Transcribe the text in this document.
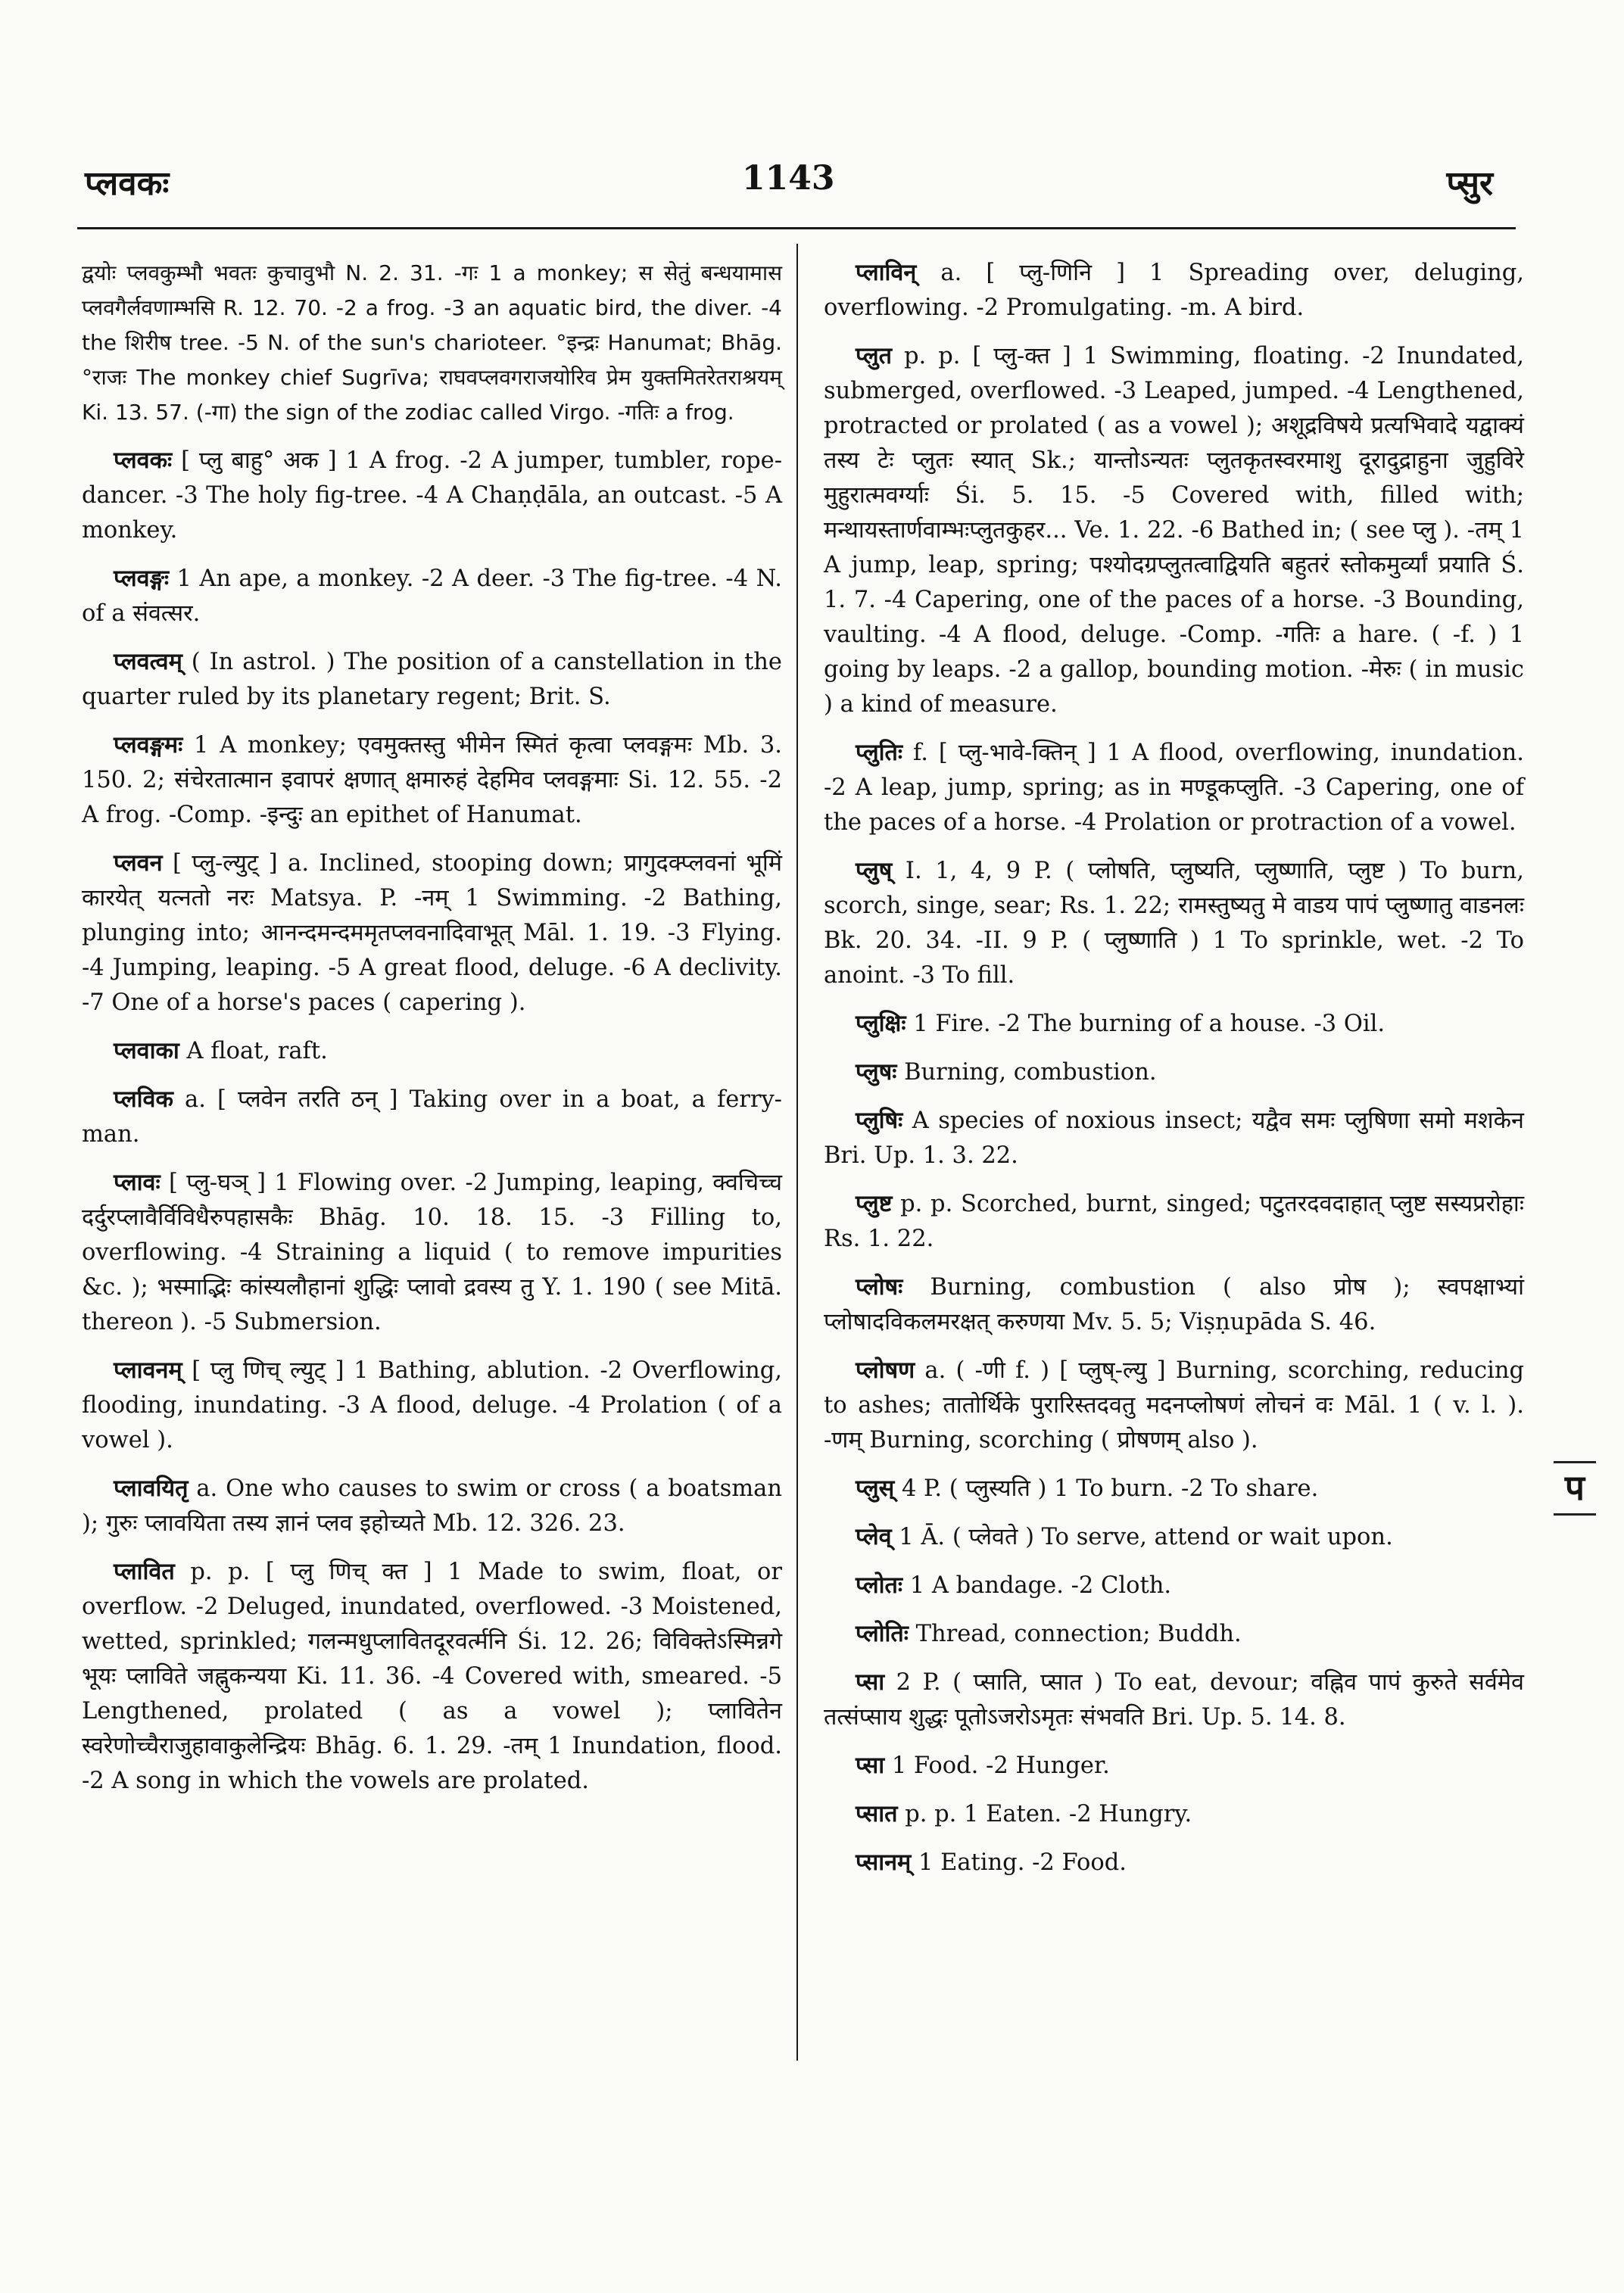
प्लवकः	1143	प्सुर

द्वयोः प्लवकुम्भौ भवतः कुचावुभौ N. 2. 31. -गः 1 a monkey; स सेतुं बन्धयामास प्लवगैर्लवणाम्भसि R. 12. 70. -2 a frog. -3 an aquatic bird, the diver. -4 the शिरीष tree. -5 N. of the sun's charioteer. °इन्द्रः Hanumat; Bhāg. °राजः The monkey chief Sugrīva; राघवप्लवगराजयोरिव प्रेम युक्तमितरेतराश्रयम् Ki. 13. 57. (-गा) the sign of the zodiac called Virgo. -गतिः a frog.

प्लवकः [ प्लु बाहु° अक ] 1 A frog. -2 A jumper, tumbler, rope-dancer. -3 The holy fig-tree. -4 A Chaṇḍāla, an outcast. -5 A monkey.

प्लवङ्गः 1 An ape, a monkey. -2 A deer. -3 The fig-tree. -4 N. of a संवत्सर.

प्लवत्वम् ( In astrol. ) The position of a canstellation in the quarter ruled by its planetary regent; Brit. S.

प्लवङ्गमः 1 A monkey; एवमुक्तस्तु भीमेन स्मितं कृत्वा प्लवङ्गमः Mb. 3. 150. 2; संचेरतात्मान इवापरं क्षणात् क्षमारुहं देहमिव प्लवङ्गमाः Si. 12. 55. -2 A frog. -Comp. -इन्दुः an epithet of Hanumat.

प्लवन [ प्लु-ल्युट् ] a. Inclined, stooping down; प्रागुदक्प्लवनां भूमिं कारयेत् यत्नतो नरः Matsya. P. -नम् 1 Swimming. -2 Bathing, plunging into; आनन्दमन्दममृतप्लवनादिवाभूत् Māl. 1. 19. -3 Flying. -4 Jumping, leaping. -5 A great flood, deluge. -6 A declivity. -7 One of a horse's paces ( capering ).

प्लवाका A float, raft.

प्लविक a. [ प्लवेन तरति ठन् ] Taking over in a boat, a ferry-man.

प्लावः [ प्लु-घञ् ] 1 Flowing over. -2 Jumping, leaping, क्वचिच्च दर्दुरप्लावैर्विविधैरुपहासकैः Bhāg. 10. 18. 15. -3 Filling to, overflowing. -4 Straining a liquid ( to remove impurities &c. ); भस्माद्भिः कांस्यलौहानां शुद्धिः प्लावो द्रवस्य तु Y. 1. 190 ( see Mitā. thereon ). -5 Submersion.

प्लावनम् [ प्लु णिच् ल्युट् ] 1 Bathing, ablution. -2 Overflowing, flooding, inundating. -3 A flood, deluge. -4 Prolation ( of a vowel ).

प्लावयितृ a. One who causes to swim or cross ( a boatsman ); गुरुः प्लावयिता तस्य ज्ञानं प्लव इहोच्यते Mb. 12. 326. 23.

प्लावित p. p. [ प्लु णिच् क्त ] 1 Made to swim, float, or overflow. -2 Deluged, inundated, overflowed. -3 Moistened, wetted, sprinkled; गलन्मधुप्लावितदूरवर्त्मनि Śi. 12. 26; विविक्तेऽस्मिन्नगे भूयः प्लाविते जह्नुकन्यया Ki. 11. 36. -4 Covered with, smeared. -5 Lengthened, prolated ( as a vowel ); प्लावितेन स्वरेणोच्चैराजुहावाकुलेन्द्रियः Bhāg. 6. 1. 29. -तम् 1 Inundation, flood. -2 A song in which the vowels are prolated.

प्लाविन् a. [ प्लु-णिनि ] 1 Spreading over, deluging, overflowing. -2 Promulgating. -m. A bird.

प्लुत p. p. [ प्लु-क्त ] 1 Swimming, floating. -2 Inundated, submerged, overflowed. -3 Leaped, jumped. -4 Lengthened, protracted or prolated ( as a vowel ); अशूद्रविषये प्रत्यभिवादे यद्वाक्यं तस्य टेः प्लुतः स्यात् Sk.; यान्तोऽन्यतः प्लुतकृतस्वरमाशु दूरादुद्राहुना जुहुविरे मुहुरात्मवर्ग्याः Śi. 5. 15. -5 Covered with, filled with; मन्थायस्तार्णवाम्भःप्लुतकुहर... Ve. 1. 22. -6 Bathed in; ( see प्लु ). -तम् 1 A jump, leap, spring; पश्योदग्रप्लुतत्वाद्वियति बहुतरं स्तोकमुर्व्यां प्रयाति Ś. 1. 7. -4 Capering, one of the paces of a horse. -3 Bounding, vaulting. -4 A flood, deluge. -Comp. -गतिः a hare. ( -f. ) 1 going by leaps. -2 a gallop, bounding motion. -मेरुः ( in music ) a kind of measure.

प्लुतिः f. [ प्लु-भावे-क्तिन् ] 1 A flood, overflowing, inundation. -2 A leap, jump, spring; as in मण्डूकप्लुति. -3 Capering, one of the paces of a horse. -4 Prolation or protraction of a vowel.

प्लुष् I. 1, 4, 9 P. ( प्लोषति, प्लुष्यति, प्लुष्णाति, प्लुष्ट ) To burn, scorch, singe, sear; Rs. 1. 22; रामस्तुष्यतु मे वाडय पापं प्लुष्णातु वाडनलः Bk. 20. 34. -II. 9 P. ( प्लुष्णाति ) 1 To sprinkle, wet. -2 To anoint. -3 To fill.

प्लुक्षिः 1 Fire. -2 The burning of a house. -3 Oil.

प्लुषः Burning, combustion.

प्लुषिः A species of noxious insect; यद्वैव समः प्लुषिणा समो मशकेन Bri. Up. 1. 3. 22.

प्लुष्ट p. p. Scorched, burnt, singed; पटुतरदवदाहात् प्लुष्ट सस्यप्ररोहाः Rs. 1. 22.

प्लोषः Burning, combustion ( also प्रोष ); स्वपक्षाभ्यां प्लोषादविकलमरक्षत् करुणया Mv. 5. 5; Viṣṇupāda S. 46.

प्लोषण a. ( -णी f. ) [ प्लुष्-ल्यु ] Burning, scorching, reducing to ashes; तातोर्थिके पुरारिस्तदवतु मदनप्लोषणं लोचनं वः Māl. 1 ( v. l. ). -णम् Burning, scorching ( प्रोषणम् also ).

प्लुस् 4 P. ( प्लुस्यति ) 1 To burn. -2 To share.

प्लेव् 1 Ā. ( प्लेवते ) To serve, attend or wait upon.

प्लोतः 1 A bandage. -2 Cloth.

प्लोतिः Thread, connection; Buddh.

प्सा 2 P. ( प्साति, प्सात ) To eat, devour; वह्निव पापं कुरुते सर्वमेव तत्संप्साय शुद्धः पूतोऽजरोऽमृतः संभवति Bri. Up. 5. 14. 8.

प्सा 1 Food. -2 Hunger.

प्सात p. p. 1 Eaten. -2 Hungry.

प्सानम् 1 Eating. -2 Food.

प
